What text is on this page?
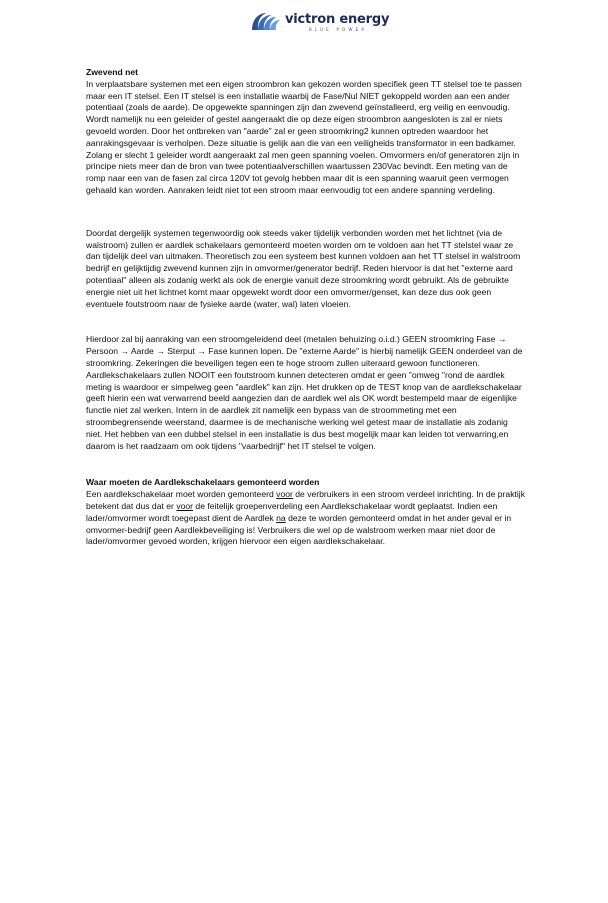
victron energy
BLUE POWER

Zwevend net

In verplaatsbare systemen met een eigen stroombron kan gekozen worden specifiek geen TT stelsel toe te passen maar een IT stelsel. Een IT stelsel is een installatie waarbij de Fase/Nul NIET gekoppeld worden aan een ander potentiaal (zoals de aarde). De opgewekte spanningen zijn dan zwevend geïnstalleerd, erg veilig en eenvoudig. Wordt namelijk nu een geleider of gestel aangeraakt die op deze eigen stroombron aangesloten is zal er niets gevoeld worden. Door het ontbreken van "aarde" zal er geen stroomkring2 kunnen optreden waardoor het aanrakingsgevaar is verholpen. Deze situatie is gelijk aan die van een veiligheids transformator in een badkamer. Zolang er slecht 1 geleider wordt aangeraakt zal men geen spanning voelen. Omvormers en/of generatoren zijn in principe niets meer dan de bron van twee potentiaalverschillen waartussen 230Vac bevindt. Een meting van de romp naar een van de fasen zal circa 120V tot gevolg hebben maar dit is een spanning waaruit geen vermogen gehaald kan worden. Aanraken leidt niet tot een stroom maar eenvoudig tot een andere spanning verdeling.

Doordat dergelijk systemen tegenwoordig ook steeds vaker tijdelijk verbonden worden met het lichtnet (via de walstroom) zullen er aardlek schakelaars gemonteerd moeten worden om te voldoen aan het TT stelstel waar ze dan tijdelijk deel van uitmaken. Theoretisch zou een systeem best kunnen voldoen aan het TT stelsel in walstroom bedrijf en gelijktijdig zwevend kunnen zijn in omvormer/generator bedrijf. Reden hiervoor is dat het "externe aard potentiaal" alleen als zodanig werkt als ook de energie vanuit deze stroomkring wordt gebruikt. Als de gebruikte energie niet uit het lichtnet komt maar opgewekt wordt door een omvormer/genset, kan deze dus ook geen eventuele foutstroom naar de fysieke aarde (water, wal) laten vloeien.

Hierdoor zal bij aanraking van een stroomgeleidend deel (metalen behuizing o.i.d.) GEEN stroomkring Fase → Persoon → Aarde → Sterput → Fase kunnen lopen. De "externe Aarde" is hierbij namelijk GEEN onderdeel van de stroomkring. Zekeringen die beveiligen tegen een te hoge stroom zullen uiteraard gewoon functioneren. Aardlekschakelaars zullen NOOIT een foutstroom kunnen detecteren omdat er geen "omweg "rond de aardlek meting is waardoor er simpelweg geen "aardlek" kan zijn. Het drukken op de TEST knop van de aardlekschakelaar geeft hierin een wat verwarrend beeld aangezien dan de aardlek wel als OK wordt bestempeld maar de eigenlijke functie niet zal werken. Intern in de aardlek zit namelijk een bypass van de stroommeting met een stroombegrensende weerstand, daarmee is de mechanische werking wel getest maar de installatie als zodanig niet. Het hebben van een dubbel stelsel in een installatie is dus best mogelijk maar kan leiden tot verwarring,en daarom is het raadzaam om ook tijdens "vaarbedrijf" het IT stelsel te volgen.

Waar moeten de Aardlekschakelaars gemonteerd worden

Een aardlekschakelaar moet worden gemonteerd voor de verbruikers in een stroom verdeel inrichting. In de praktijk betekent dat dus dat er voor de feitelijk groepenverdeling een Aardlekschakelaar wordt geplaatst. Indien een lader/omvormer wordt toegepast dient de Aardlek na deze te worden gemonteerd omdat in het ander geval er in omvormer-bedrijf geen Aardlekbeveiliging is! Verbruikers die wel op de walstroom werken maar niet door de lader/omvormer gevoed worden, krijgen hiervoor een eigen aardlekschakelaar.
